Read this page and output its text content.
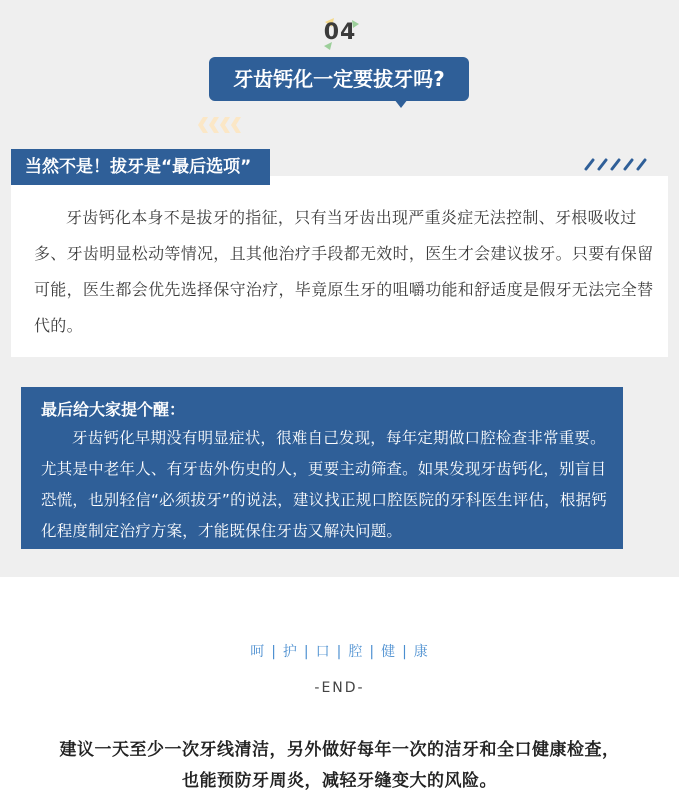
04
牙齿钙化一定要拔牙吗?
当然不是！拔牙是“最后选项”

牙齿钙化本身不是拔牙的指征，只有当牙齿出现严重炎症无法控制、牙根吸收过多、牙齿明显松动等情况，且其他治疗手段都无效时，医生才会建议拔牙。只要有保留可能，医生都会优先选择保守治疗，毕竟原生牙的咀嚼功能和舒适度是假牙无法完全替代的。

最后给大家提个醒：

牙齿钙化早期没有明显症状，很难自己发现，每年定期做口腔检查非常重要。尤其是中老年人、有牙齿外伤史的人，更要主动筛查。如果发现牙齿钙化，别盲目恐慌，也别轻信“必须拔牙”的说法，建议找正规口腔医院的牙科医生评估，根据钙化程度制定治疗方案，才能既保住牙齿又解决问题。

呵 | 护 | 口 | 腔 | 健 | 康
-END-
建议一天至少一次牙线清洁，另外做好每年一次的洁牙和全口健康检查，
也能预防牙周炎，减轻牙缝变大的风险。
